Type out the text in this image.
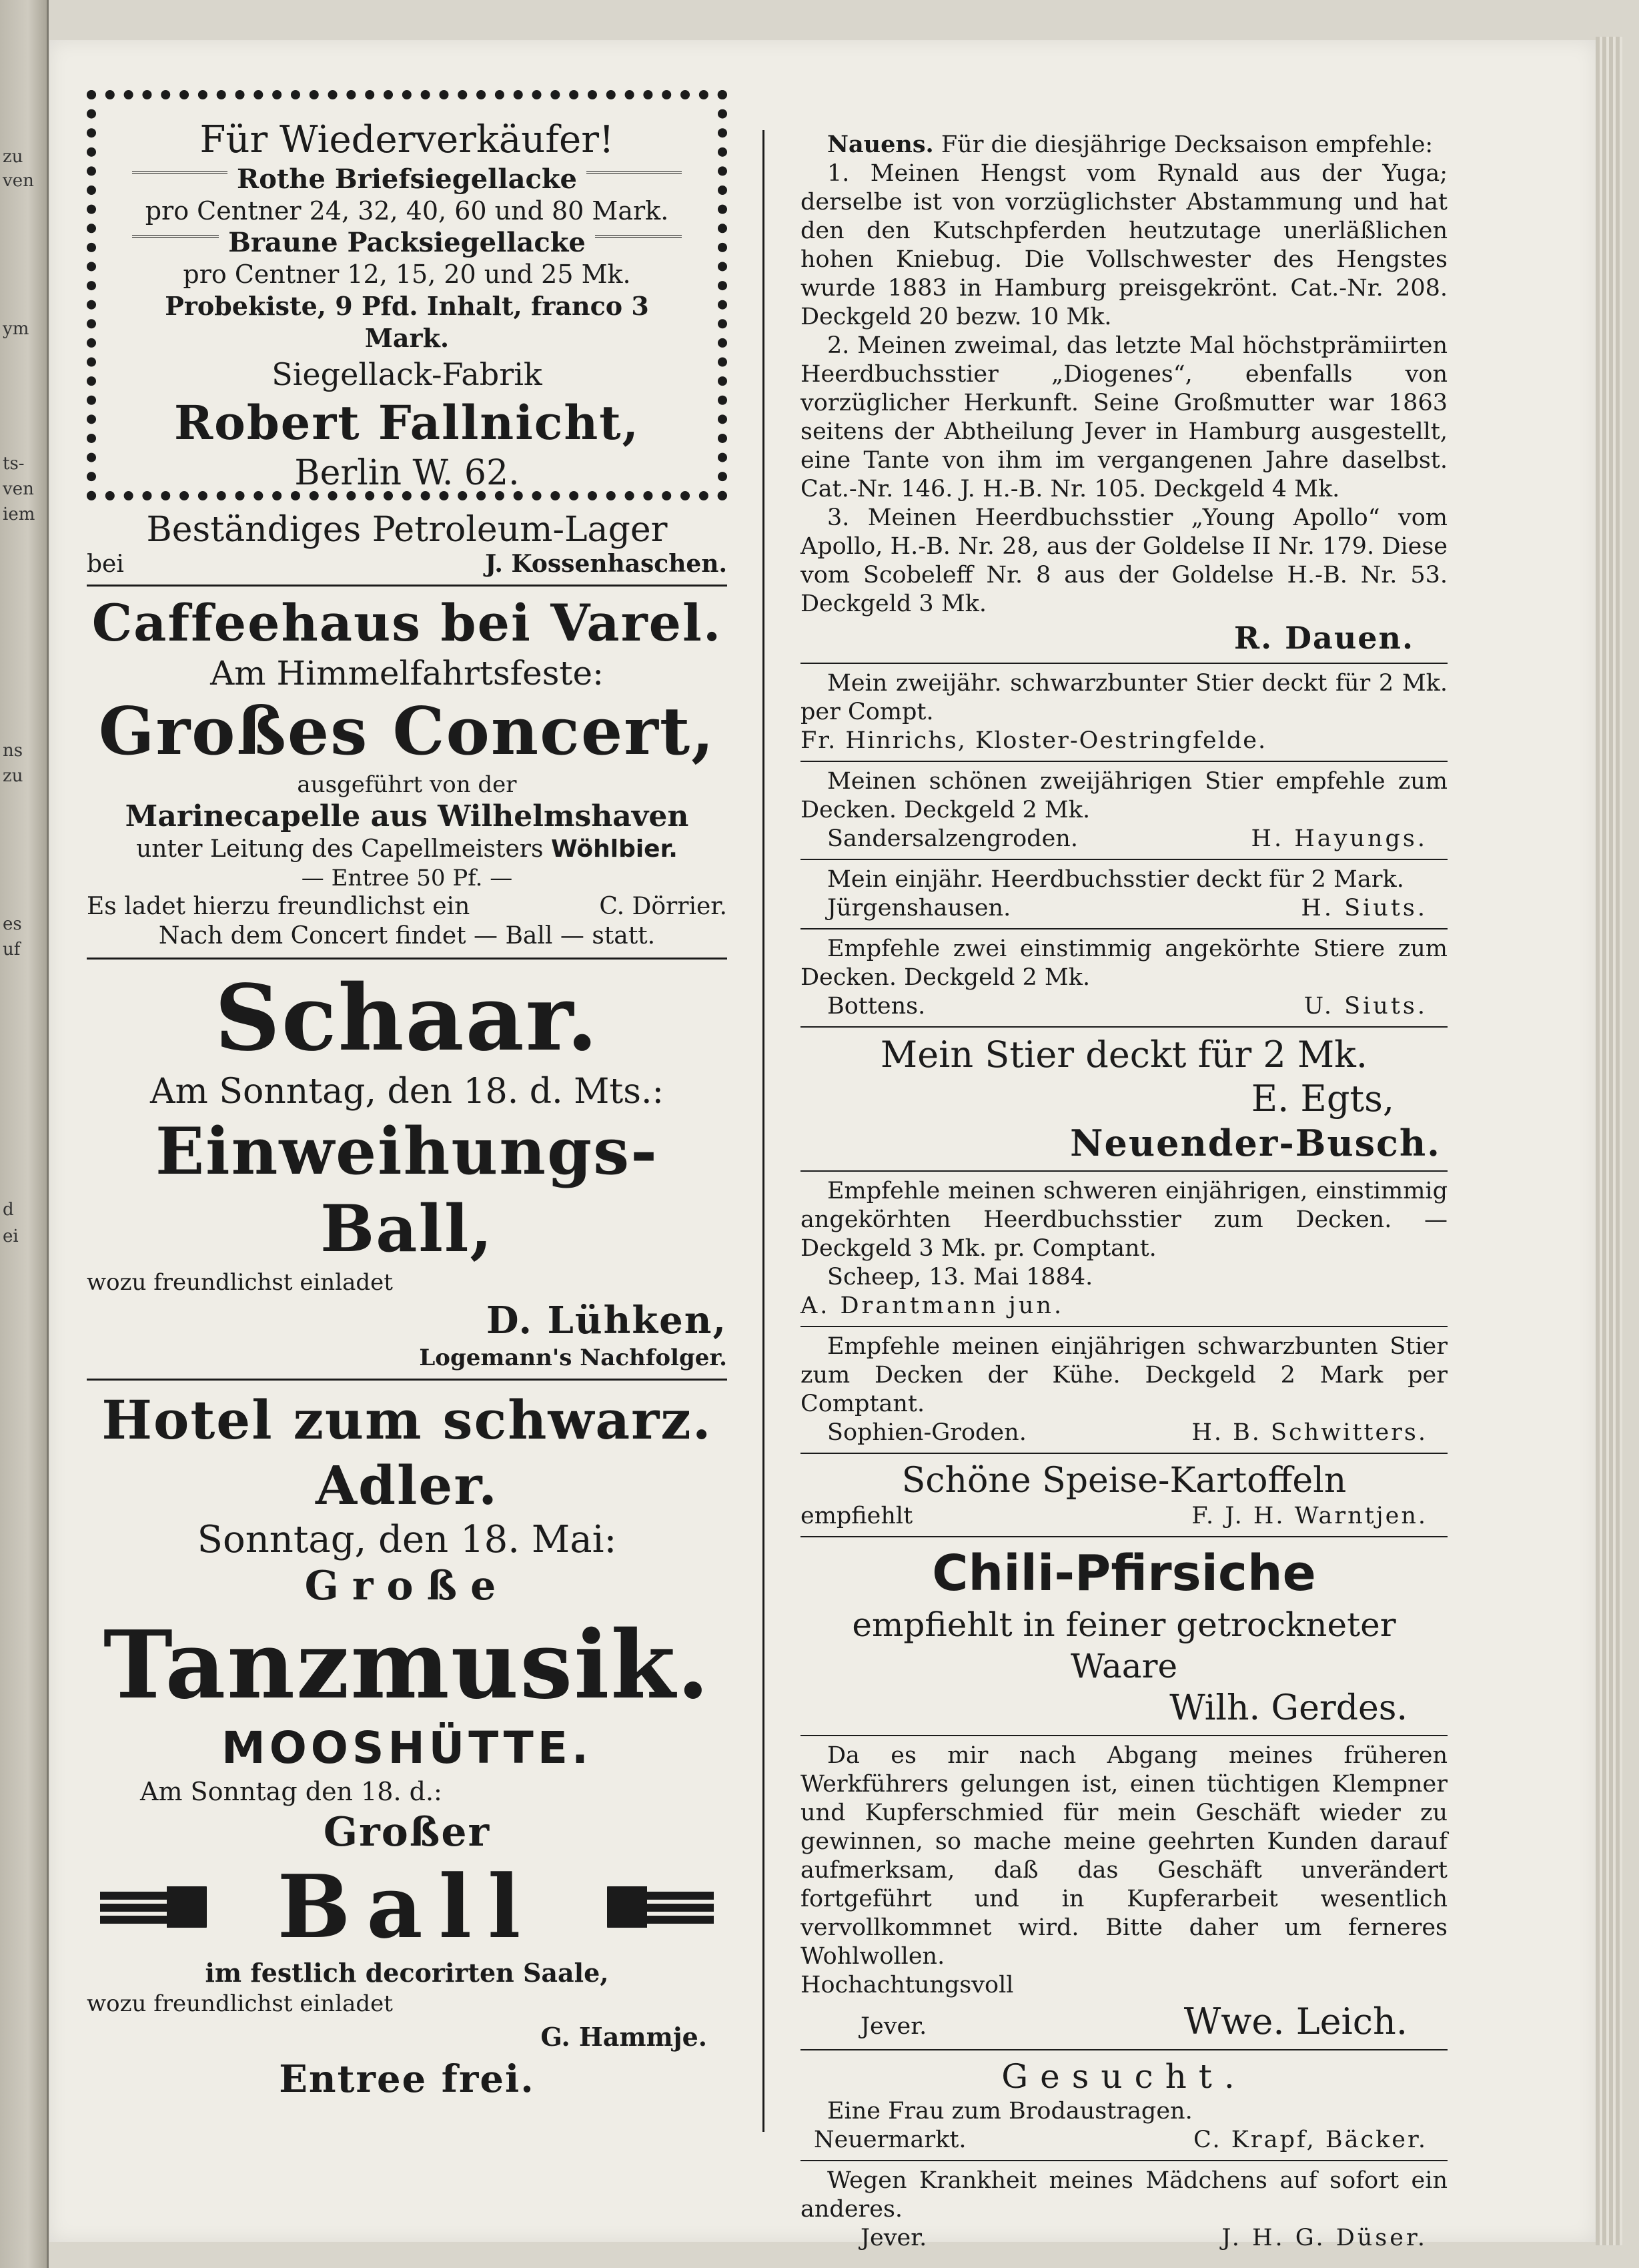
zu
ven
ym
ts-
ven
iem
ns
zu
es
uf
d
ei
Für Wiederverkäufer!
Rothe Briefsiegellacke
pro Centner 24, 32, 40, 60 und 80 Mark.
Braune Packsiegellacke
pro Centner 12, 15, 20 und 25 Mk.
Probekiste, 9 Pfd. Inhalt, franco 3 Mark.
Siegellack-Fabrik
Robert Fallnicht,
Berlin W. 62.
Beständiges Petroleum-Lager
bei	J. Kossenhaschen.
Caffeehaus bei Varel.
Am Himmelfahrtsfeste:
Großes Concert,
ausgeführt von der
Marinecapelle aus Wilhelmshaven
unter Leitung des Capellmeisters Wöhlbier.
— Entree 50 Pf. —
Es ladet hierzu freundlichst ein	C. Dörrier.
Nach dem Concert findet — Ball — statt.
Schaar.
Am Sonntag, den 18. d. Mts.:
Einweihungs-Ball,
wozu freundlichst einladet
D. Lühken,
Logemann's Nachfolger.
Hotel zum schwarz. Adler.
Sonntag, den 18. Mai:
Große
Tanzmusik.
MOOSHÜTTE.
Am Sonntag den 18. d.:
Großer
Ball
im festlich decorirten Saale,
wozu freundlichst einladet
G. Hammje.
Entree frei.
Nauens. Für die diesjährige Decksaison empfehle:
1. Meinen Hengst vom Rynald aus der Yuga; derselbe ist von vorzüglichster Abstammung und hat den den Kutschpferden heutzutage unerläßlichen hohen Kniebug. Die Vollschwester des Hengstes wurde 1883 in Hamburg preisgekrönt. Cat.-Nr. 208. Deckgeld 20 bezw. 10 Mk.
2. Meinen zweimal, das letzte Mal höchstprämiirten Heerdbuchsstier „Diogenes“, ebenfalls von vorzüglicher Herkunft. Seine Großmutter war 1863 seitens der Abtheilung Jever in Hamburg ausgestellt, eine Tante von ihm im vergangenen Jahre daselbst. Cat.-Nr. 146. J. H.-B. Nr. 105. Deckgeld 4 Mk.
3. Meinen Heerdbuchsstier „Young Apollo“ vom Apollo, H.-B. Nr. 28, aus der Goldelse II Nr. 179. Diese vom Scobeleff Nr. 8 aus der Goldelse H.-B. Nr. 53. Deckgeld 3 Mk.
R. Dauen.
Mein zweijähr. schwarzbunter Stier deckt für 2 Mk. per Compt.
Fr. Hinrichs, Kloster-Oestringfelde.
Meinen schönen zweijährigen Stier empfehle zum Decken. Deckgeld 2 Mk.
Sandersalzengroden.	H. Hayungs.
Mein einjähr. Heerdbuchsstier deckt für 2 Mark.
Jürgenshausen.	H. Siuts.
Empfehle zwei einstimmig angekörhte Stiere zum Decken. Deckgeld 2 Mk.
Bottens.	U. Siuts.
Mein Stier deckt für 2 Mk.
E. Egts,
Neuender-Busch.
Empfehle meinen schweren einjährigen, einstimmig angekörhten Heerdbuchsstier zum Decken. — Deckgeld 3 Mk. pr. Comptant.
Scheep, 13. Mai 1884.
A. Drantmann jun.
Empfehle meinen einjährigen schwarzbunten Stier zum Decken der Kühe. Deckgeld 2 Mark per Comptant.
Sophien-Groden.	H. B. Schwitters.
Schöne Speise-Kartoffeln
empfiehlt	F. J. H. Warntjen.
Chili-Pfirsiche
empfiehlt in feiner getrockneter Waare
Wilh. Gerdes.
Da es mir nach Abgang meines früheren Werkführers gelungen ist, einen tüchtigen Klempner und Kupferschmied für mein Geschäft wieder zu gewinnen, so mache meine geehrten Kunden darauf aufmerksam, daß das Geschäft unverändert fortgeführt und in Kupferarbeit wesentlich vervollkommnet wird. Bitte daher um ferneres Wohlwollen.
Hochachtungsvoll
Jever.	Wwe. Leich.
Gesucht.
Eine Frau zum Brodaustragen.
Neuermarkt.	C. Krapf, Bäcker.
Wegen Krankheit meines Mädchens auf sofort ein anderes.
Jever.	J. H. G. Düser.
